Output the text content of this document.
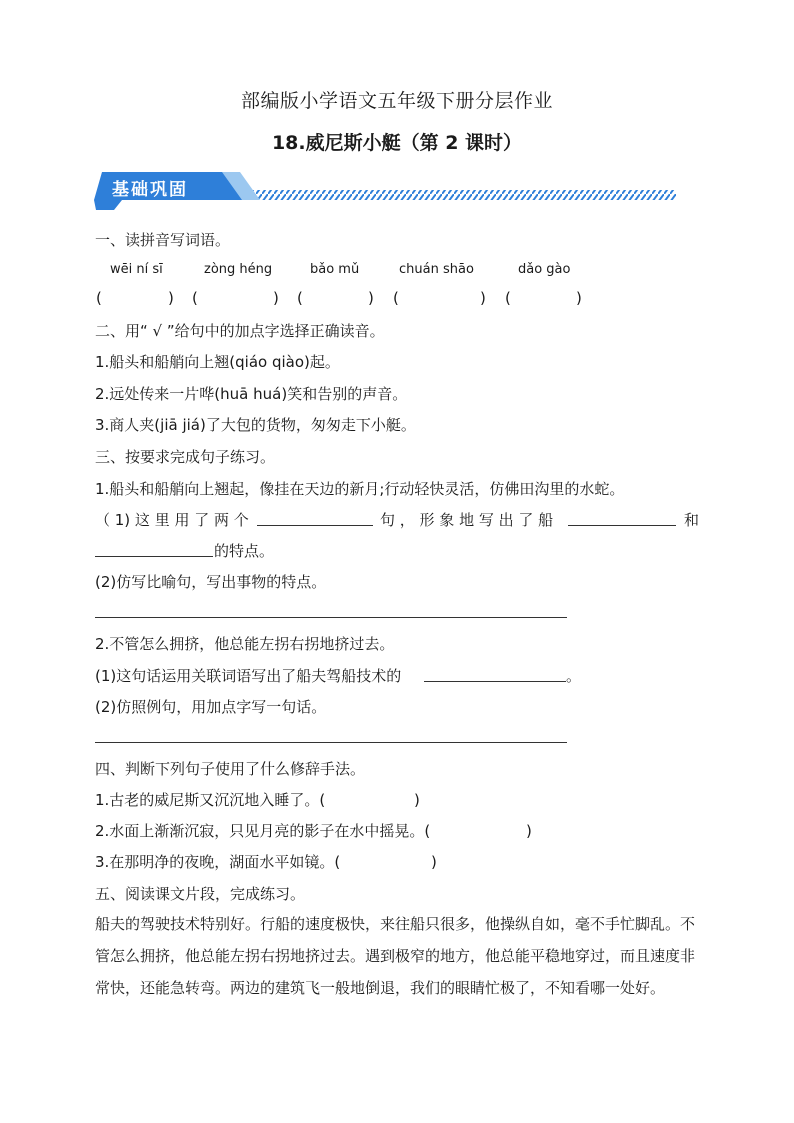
部编版小学语文五年级下册分层作业
18.威尼斯小艇（第 2 课时）
基础巩固
一、读拼音写词语。
wēi ní sī	zòng héng	bǎo mǔ	chuán shāo	dǎo gào
(	) (	) (	) (	) (	)
二、用“ √ ”给句中的加点字选择正确读音。
1.船头和船艄向上翘(qiáo qiào)起。
2.远处传来一片哗(huā huá)笑和告别的声音。
3.商人夹(jiā jiá)了大包的货物，匆匆走下小艇。
三、按要求完成句子练习。
1.船头和船艄向上翘起，像挂在天边的新月;行动轻快灵活，仿佛田沟里的水蛇。
（ 1) 这 里 用 了 两 个	句 ， 形 象 地 写 出 了 船	和
的特点。
(2)仿写比喻句，写出事物的特点。
2.不管怎么拥挤，他总能左拐右拐地挤过去。
(1)这句话运用关联词语写出了船夫驾船技术的	。
(2)仿照例句，用加点字写一句话。
四、判断下列句子使用了什么修辞手法。
1.古老的威尼斯又沉沉地入睡了。(	)
2.水面上渐渐沉寂，只见月亮的影子在水中摇晃。(	)
3.在那明净的夜晚，湖面水平如镜。(	)
五、阅读课文片段，完成练习。
船夫的驾驶技术特别好。行船的速度极快，来往船只很多，他操纵自如，毫不手忙脚乱。不管怎么拥挤，他总能左拐右拐地挤过去。遇到极窄的地方，他总能平稳地穿过，而且速度非常快，还能急转弯。两边的建筑飞一般地倒退，我们的眼睛忙极了，不知看哪一处好。
